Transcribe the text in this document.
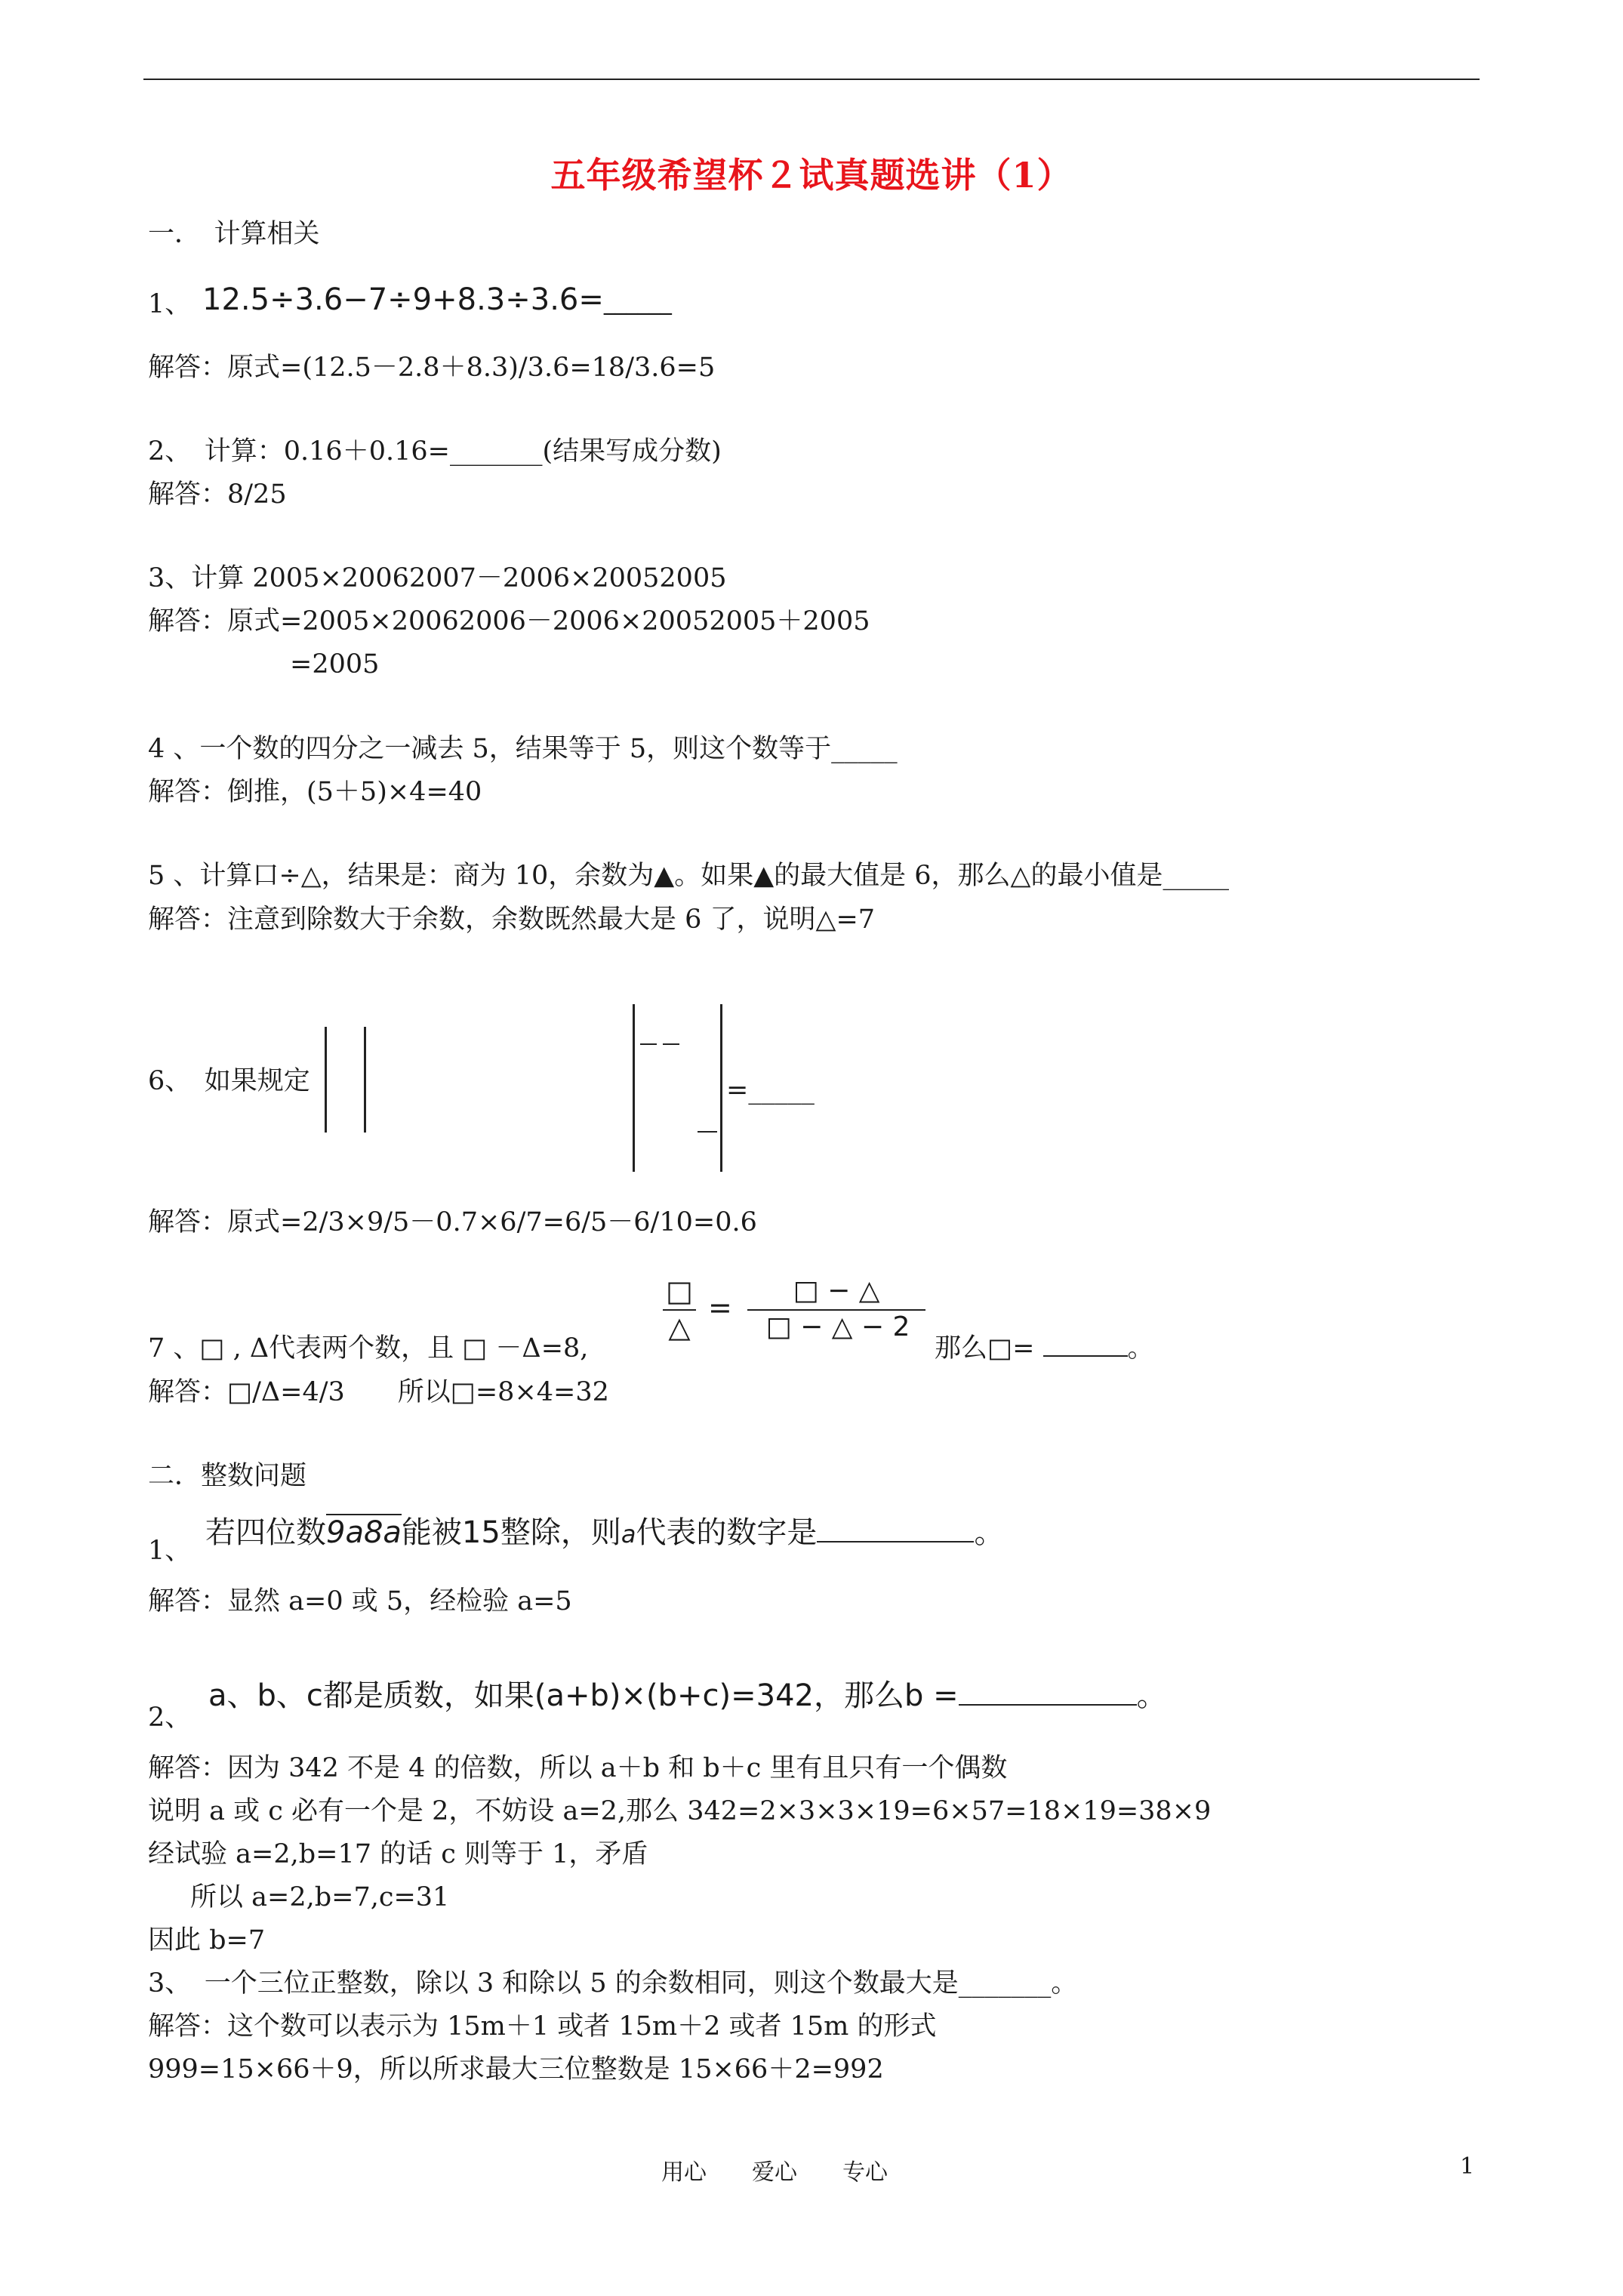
五年级希望杯２试真题选讲（1）
一．　计算相关
1、 12.5÷3.6−7÷9+8.3÷3.6=______
解答：原式=(12.5－2.8＋8.3)/3.6=18/3.6=5
2、　计算：0.16＋0.16=_______(结果写成分数)
解答：8/25
3、计算 2005×20062007－2006×20052005
解答：原式=2005×20062006－2006×20052005＋2005
=2005
4 、一个数的四分之一减去 5，结果等于 5，则这个数等于_____
解答：倒推，(5＋5)×4=40
5 、计算口÷△，结果是：商为 10，余数为▲。如果▲的最大值是 6，那么△的最小值是_____
解答：注意到除数大于余数，余数既然最大是 6 了，说明△=7
6、　如果规定	=_____
解答：原式=2/3×9/5－0.7×6/7=6/5－6/10=0.6
7 、□ , Δ代表两个数，且 □ －Δ=8,
□
△
=
□ − △
□ − △ − 2
那么□=	。
解答：□/Δ=4/3　　所以□=8×4=32
二．整数问题
1、
若四位数9a8a能被15整除，则a代表的数字是	。
解答：显然 a=0 或 5，经检验 a=5
2、
a、b、c都是质数，如果(a+b)×(b+c)=342，那么b =	。
解答：因为 342 不是 4 的倍数，所以 a＋b 和 b＋c 里有且只有一个偶数
说明 a 或 c 必有一个是 2，不妨设 a=2,那么 342=2×3×3×19=6×57=18×19=38×9
经试验 a=2,b=17 的话 c 则等于 1，矛盾
所以 a=2,b=7,c=31
因此 b=7
3、　一个三位正整数，除以 3 和除以 5 的余数相同，则这个数最大是_______。
解答：这个数可以表示为 15m＋1 或者 15m＋2 或者 15m 的形式
999=15×66＋9，所以所求最大三位整数是 15×66＋2=992
用心　　爱心　　专心	1
